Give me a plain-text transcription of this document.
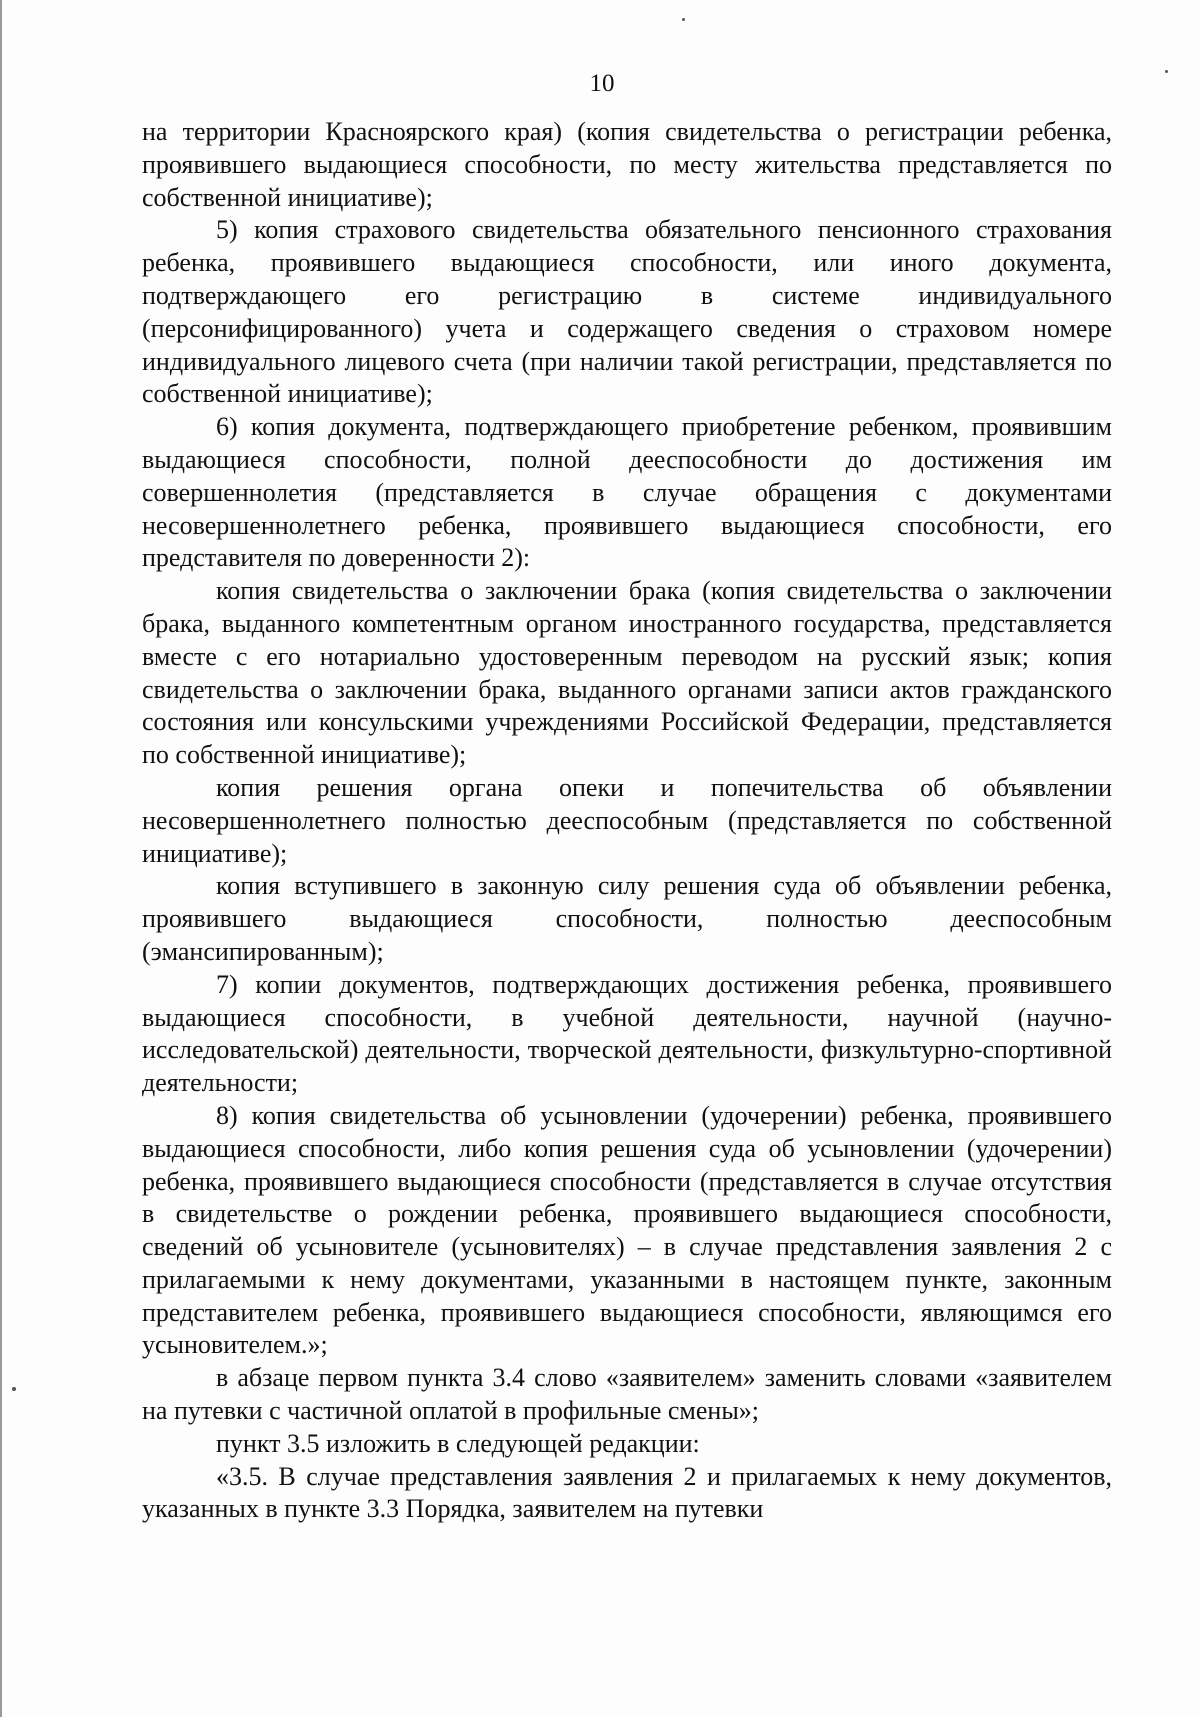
10

на территории Красноярского края) (копия свидетельства о регистрации ребенка, проявившего выдающиеся способности, по месту жительства представляется по собственной инициативе);

5) копия страхового свидетельства обязательного пенсионного страхования ребенка, проявившего выдающиеся способности, или иного документа, подтверждающего его регистрацию в системе индивидуального (персонифицированного) учета и содержащего сведения о страховом номере индивидуального лицевого счета (при наличии такой регистрации, представляется по собственной инициативе);

6) копия документа, подтверждающего приобретение ребенком, проявившим выдающиеся способности, полной дееспособности до достижения им совершеннолетия (представляется в случае обращения с документами несовершеннолетнего ребенка, проявившего выдающиеся способности, его представителя по доверенности 2):

копия свидетельства о заключении брака (копия свидетельства о заключении брака, выданного компетентным органом иностранного государства, представляется вместе с его нотариально удостоверенным переводом на русский язык; копия свидетельства о заключении брака, выданного органами записи актов гражданского состояния или консульскими учреждениями Российской Федерации, представляется по собственной инициативе);

копия решения органа опеки и попечительства об объявлении несовершеннолетнего полностью дееспособным (представляется по собственной инициативе);

копия вступившего в законную силу решения суда об объявлении ребенка, проявившего выдающиеся способности, полностью дееспособным (эмансипированным);

7) копии документов, подтверждающих достижения ребенка, проявившего выдающиеся способности, в учебной деятельности, научной (научно-исследовательской) деятельности, творческой деятельности, физкультурно-спортивной деятельности;

8) копия свидетельства об усыновлении (удочерении) ребенка, проявившего выдающиеся способности, либо копия решения суда об усыновлении (удочерении) ребенка, проявившего выдающиеся способности (представляется в случае отсутствия в свидетельстве о рождении ребенка, проявившего выдающиеся способности, сведений об усыновителе (усыновителях) – в случае представления заявления 2 с прилагаемыми к нему документами, указанными в настоящем пункте, законным представителем ребенка, проявившего выдающиеся способности, являющимся его усыновителем.»;

в абзаце первом пункта 3.4 слово «заявителем» заменить словами «заявителем на путевки с частичной оплатой в профильные смены»;

пункт 3.5 изложить в следующей редакции:

«3.5. В случае представления заявления 2 и прилагаемых к нему документов, указанных в пункте 3.3 Порядка, заявителем на путевки
